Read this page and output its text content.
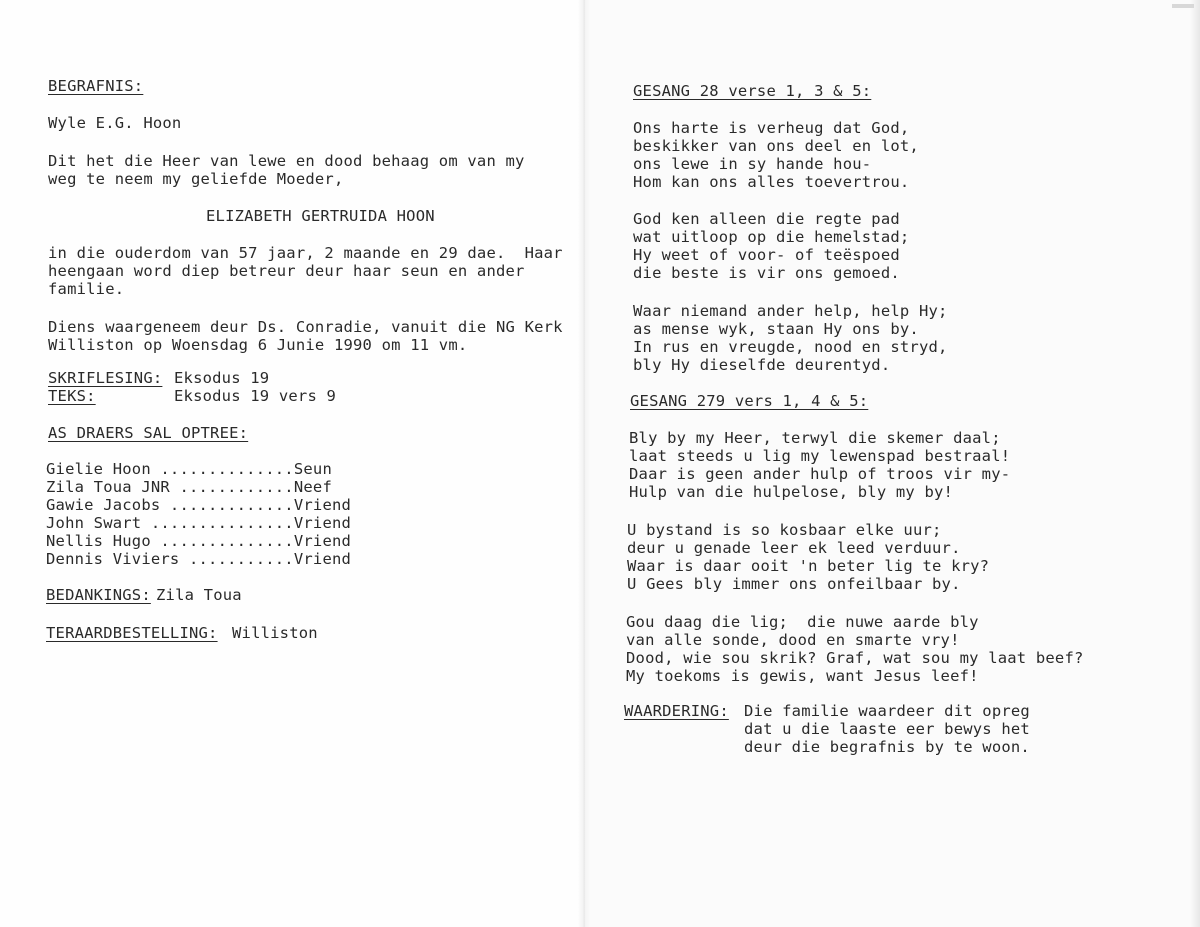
BEGRAFNIS:

Wyle E.G. Hoon

Dit het die Heer van lewe en dood behaag om van my

weg te neem my geliefde Moeder,

ELIZABETH GERTRUIDA HOON

in die ouderdom van 57 jaar, 2 maande en 29 dae.  Haar

heengaan word diep betreur deur haar seun en ander

familie.

Diens waargeneem deur Ds. Conradie, vanuit die NG Kerk

Williston op Woensdag 6 Junie 1990 om 11 vm.

SKRIFLESING: Eksodus 19

TEKS:	Eksodus 19 vers 9

AS DRAERS SAL OPTREE:

Gielie Hoon ..............Seun

Zila Toua JNR ............Neef

Gawie Jacobs .............Vriend

John Swart ...............Vriend

Nellis Hugo ..............Vriend

Dennis Viviers ...........Vriend

BEDANKINGS: Zila Toua

TERAARDBESTELLING: Williston

GESANG 28 verse 1, 3 & 5:

Ons harte is verheug dat God,

beskikker van ons deel en lot,

ons lewe in sy hande hou-

Hom kan ons alles toevertrou.

God ken alleen die regte pad

wat uitloop op die hemelstad;

Hy weet of voor- of teëspoed

die beste is vir ons gemoed.

Waar niemand ander help, help Hy;

as mense wyk, staan Hy ons by.

In rus en vreugde, nood en stryd,

bly Hy dieselfde deurentyd.

GESANG 279 vers 1, 4 & 5:

Bly by my Heer, terwyl die skemer daal;

laat steeds u lig my lewenspad bestraal!

Daar is geen ander hulp of troos vir my-

Hulp van die hulpelose, bly my by!

U bystand is so kosbaar elke uur;

deur u genade leer ek leed verduur.

Waar is daar ooit 'n beter lig te kry?

U Gees bly immer ons onfeilbaar by.

Gou daag die lig;  die nuwe aarde bly

van alle sonde, dood en smarte vry!

Dood, wie sou skrik? Graf, wat sou my laat beef?

My toekoms is gewis, want Jesus leef!

WAARDERING: Die familie waardeer dit opreg

dat u die laaste eer bewys het

deur die begrafnis by te woon.
